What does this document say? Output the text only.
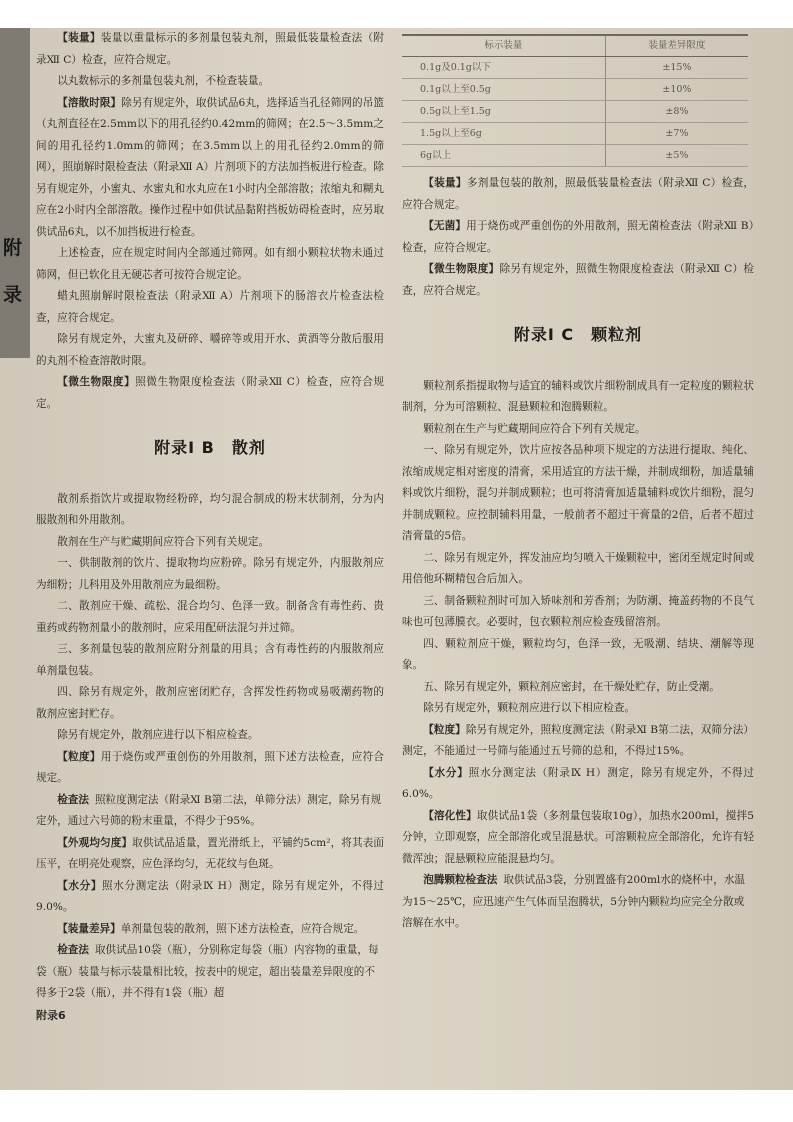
附
录

【装量】装量以重量标示的多剂量包装丸剂，照最低装量检查法（附录Ⅻ C）检查，应符合规定。

以丸数标示的多剂量包装丸剂，不检查装量。

【溶散时限】除另有规定外，取供试品6丸，选择适当孔径筛网的吊篮（丸剂直径在2.5mm以下的用孔径约0.42mm的筛网；在2.5～3.5mm之间的用孔径约1.0mm的筛网；在3.5mm以上的用孔径约2.0mm的筛网），照崩解时限检查法（附录Ⅻ A）片剂项下的方法加挡板进行检查。除另有规定外，小蜜丸、水蜜丸和水丸应在1小时内全部溶散；浓缩丸和糊丸应在2小时内全部溶散。操作过程中如供试品黏附挡板妨碍检查时，应另取供试品6丸，以不加挡板进行检查。

上述检查，应在规定时间内全部通过筛网。如有细小颗粒状物未通过筛网，但已软化且无硬芯者可按符合规定论。

蜡丸照崩解时限检查法（附录Ⅻ A）片剂项下的肠溶衣片检查法检查，应符合规定。

除另有规定外，大蜜丸及研碎、嚼碎等或用开水、黄酒等分散后服用的丸剂不检查溶散时限。

【微生物限度】照微生物限度检查法（附录Ⅻ C）检查，应符合规定。

附录Ⅰ B　散剂

散剂系指饮片或提取物经粉碎，均匀混合制成的粉末状制剂，分为内服散剂和外用散剂。

散剂在生产与贮藏期间应符合下列有关规定。

一、供制散剂的饮片、提取物均应粉碎。除另有规定外，内服散剂应为细粉；儿科用及外用散剂应为最细粉。

二、散剂应干燥、疏松、混合均匀、色泽一致。制备含有毒性药、贵重药或药物剂量小的散剂时，应采用配研法混匀并过筛。

三、多剂量包装的散剂应附分剂量的用具；含有毒性药的内服散剂应单剂量包装。

四、除另有规定外，散剂应密闭贮存，含挥发性药物或易吸潮药物的散剂应密封贮存。

除另有规定外，散剂应进行以下相应检查。

【粒度】用于烧伤或严重创伤的外用散剂，照下述方法检查，应符合规定。

检查法 照粒度测定法（附录Ⅺ B第二法，单筛分法）测定，除另有规定外，通过六号筛的粉末重量，不得少于95%。

【外观均匀度】取供试品适量，置光滑纸上，平铺约5cm²，将其表面压平，在明亮处观察，应色泽均匀，无花纹与色斑。

【水分】照水分测定法（附录Ⅸ H）测定，除另有规定外，不得过9.0%。

【装量差异】单剂量包装的散剂，照下述方法检查，应符合规定。

检查法 取供试品10袋（瓶），分别称定每袋（瓶）内容物的重量，每袋（瓶）装量与标示装量相比较，按表中的规定，超出装量差异限度的不得多于2袋（瓶），并不得有1袋（瓶）超

附录6
标示装量	装量差异限度
0.1g及0.1g以下	±15%
0.1g以上至0.5g	±10%
0.5g以上至1.5g	±8%
1.5g以上至6g	±7%
6g以上	±5%

【装量】多剂量包装的散剂，照最低装量检查法（附录Ⅻ C）检查，应符合规定。

【无菌】用于烧伤或严重创伤的外用散剂，照无菌检查法（附录Ⅻ B）检查，应符合规定。

【微生物限度】除另有规定外，照微生物限度检查法（附录Ⅻ C）检查，应符合规定。

附录Ⅰ C　颗粒剂

颗粒剂系指提取物与适宜的辅料或饮片细粉制成具有一定粒度的颗粒状制剂，分为可溶颗粒、混悬颗粒和泡腾颗粒。

颗粒剂在生产与贮藏期间应符合下列有关规定。

一、除另有规定外，饮片应按各品种项下规定的方法进行提取、纯化、浓缩成规定相对密度的清膏，采用适宜的方法干燥，并制成细粉，加适量辅料或饮片细粉，混匀并制成颗粒；也可将清膏加适量辅料或饮片细粉，混匀并制成颗粒。应控制辅料用量，一般前者不超过干膏量的2倍，后者不超过清膏量的5倍。

二、除另有规定外，挥发油应均匀喷入干燥颗粒中，密闭至规定时间或用倍他环糊精包合后加入。

三、制备颗粒剂时可加入矫味剂和芳香剂；为防潮、掩盖药物的不良气味也可包薄膜衣。必要时，包衣颗粒剂应检查残留溶剂。

四、颗粒剂应干燥，颗粒均匀，色泽一致，无吸潮、结块、潮解等现象。

五、除另有规定外，颗粒剂应密封，在干燥处贮存，防止受潮。

除另有规定外，颗粒剂应进行以下相应检查。

【粒度】除另有规定外，照粒度测定法（附录Ⅺ B第二法，双筛分法）测定，不能通过一号筛与能通过五号筛的总和，不得过15%。

【水分】照水分测定法（附录Ⅸ H）测定，除另有规定外，不得过6.0%。

【溶化性】取供试品1袋（多剂量包装取10g），加热水200ml，搅拌5分钟，立即观察，应全部溶化或呈混悬状。可溶颗粒应全部溶化，允许有轻微浑浊；混悬颗粒应能混悬均匀。

泡腾颗粒检查法 取供试品3袋，分别置盛有200ml水的烧杯中，水温为15～25℃，应迅速产生气体而呈泡腾状，5分钟内颗粒均应完全分散或溶解在水中。
